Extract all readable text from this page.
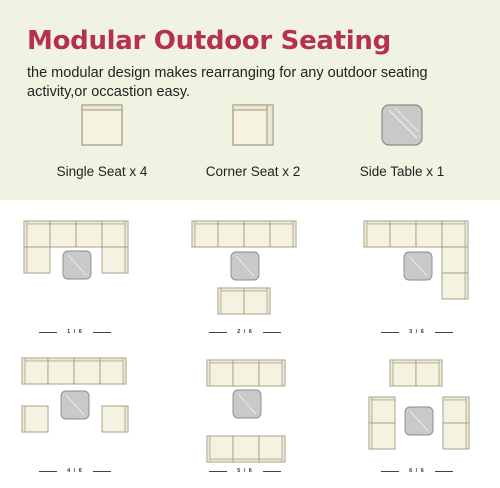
Modular Outdoor Seating
the modular design makes rearranging for any outdoor seating activity,or occastion easy.
Single Seat x 4	Corner Seat x 2	Side Table x 1
1 / 6	2 / 6	3 / 6
4 / 6	5 / 6	6 / 6
